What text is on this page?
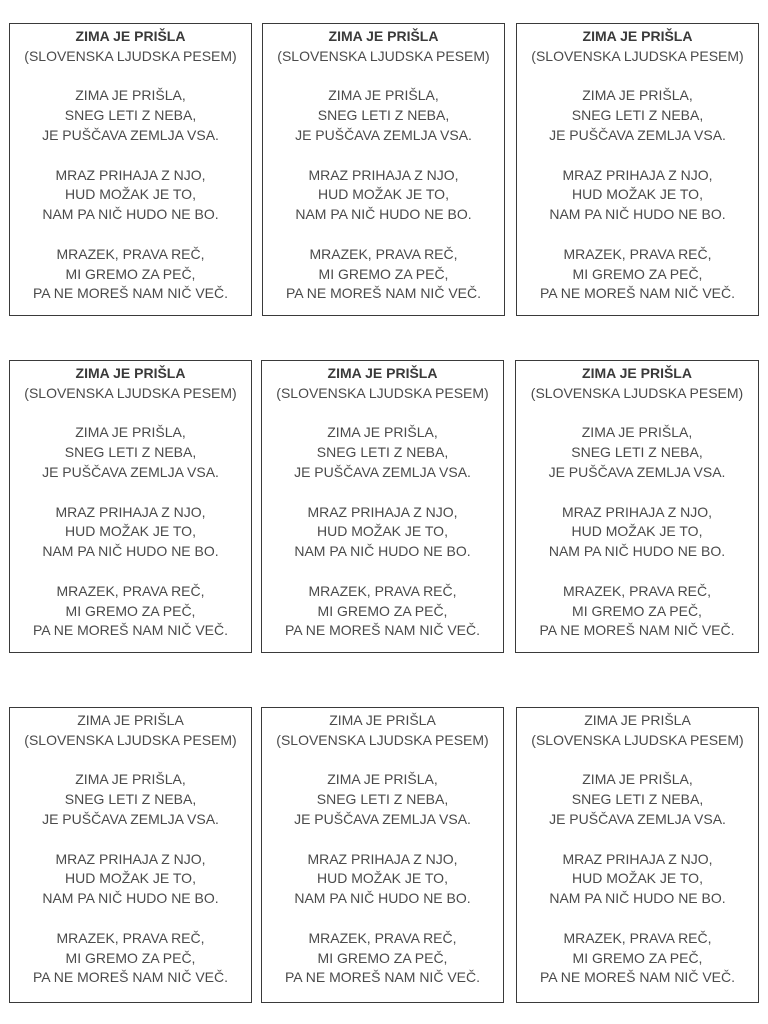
ZIMA JE PRIŠLA
(SLOVENSKA LJUDSKA PESEM)
ZIMA JE PRIŠLA,
SNEG LETI Z NEBA,
JE PUŠČAVA ZEMLJA VSA.
MRAZ PRIHAJA Z NJO,
HUD MOŽAK JE TO,
NAM PA NIČ HUDO NE BO.
MRAZEK, PRAVA REČ,
MI GREMO ZA PEČ,
PA NE MOREŠ NAM NIČ VEČ.
ZIMA JE PRIŠLA
(SLOVENSKA LJUDSKA PESEM)
ZIMA JE PRIŠLA,
SNEG LETI Z NEBA,
JE PUŠČAVA ZEMLJA VSA.
MRAZ PRIHAJA Z NJO,
HUD MOŽAK JE TO,
NAM PA NIČ HUDO NE BO.
MRAZEK, PRAVA REČ,
MI GREMO ZA PEČ,
PA NE MOREŠ NAM NIČ VEČ.
ZIMA JE PRIŠLA
(SLOVENSKA LJUDSKA PESEM)
ZIMA JE PRIŠLA,
SNEG LETI Z NEBA,
JE PUŠČAVA ZEMLJA VSA.
MRAZ PRIHAJA Z NJO,
HUD MOŽAK JE TO,
NAM PA NIČ HUDO NE BO.
MRAZEK, PRAVA REČ,
MI GREMO ZA PEČ,
PA NE MOREŠ NAM NIČ VEČ.
ZIMA JE PRIŠLA
(SLOVENSKA LJUDSKA PESEM)
ZIMA JE PRIŠLA,
SNEG LETI Z NEBA,
JE PUŠČAVA ZEMLJA VSA.
MRAZ PRIHAJA Z NJO,
HUD MOŽAK JE TO,
NAM PA NIČ HUDO NE BO.
MRAZEK, PRAVA REČ,
MI GREMO ZA PEČ,
PA NE MOREŠ NAM NIČ VEČ.
ZIMA JE PRIŠLA
(SLOVENSKA LJUDSKA PESEM)
ZIMA JE PRIŠLA,
SNEG LETI Z NEBA,
JE PUŠČAVA ZEMLJA VSA.
MRAZ PRIHAJA Z NJO,
HUD MOŽAK JE TO,
NAM PA NIČ HUDO NE BO.
MRAZEK, PRAVA REČ,
MI GREMO ZA PEČ,
PA NE MOREŠ NAM NIČ VEČ.
ZIMA JE PRIŠLA
(SLOVENSKA LJUDSKA PESEM)
ZIMA JE PRIŠLA,
SNEG LETI Z NEBA,
JE PUŠČAVA ZEMLJA VSA.
MRAZ PRIHAJA Z NJO,
HUD MOŽAK JE TO,
NAM PA NIČ HUDO NE BO.
MRAZEK, PRAVA REČ,
MI GREMO ZA PEČ,
PA NE MOREŠ NAM NIČ VEČ.
ZIMA JE PRIŠLA
(SLOVENSKA LJUDSKA PESEM)
ZIMA JE PRIŠLA,
SNEG LETI Z NEBA,
JE PUŠČAVA ZEMLJA VSA.
MRAZ PRIHAJA Z NJO,
HUD MOŽAK JE TO,
NAM PA NIČ HUDO NE BO.
MRAZEK, PRAVA REČ,
MI GREMO ZA PEČ,
PA NE MOREŠ NAM NIČ VEČ.
ZIMA JE PRIŠLA
(SLOVENSKA LJUDSKA PESEM)
ZIMA JE PRIŠLA,
SNEG LETI Z NEBA,
JE PUŠČAVA ZEMLJA VSA.
MRAZ PRIHAJA Z NJO,
HUD MOŽAK JE TO,
NAM PA NIČ HUDO NE BO.
MRAZEK, PRAVA REČ,
MI GREMO ZA PEČ,
PA NE MOREŠ NAM NIČ VEČ.
ZIMA JE PRIŠLA
(SLOVENSKA LJUDSKA PESEM)
ZIMA JE PRIŠLA,
SNEG LETI Z NEBA,
JE PUŠČAVA ZEMLJA VSA.
MRAZ PRIHAJA Z NJO,
HUD MOŽAK JE TO,
NAM PA NIČ HUDO NE BO.
MRAZEK, PRAVA REČ,
MI GREMO ZA PEČ,
PA NE MOREŠ NAM NIČ VEČ.
